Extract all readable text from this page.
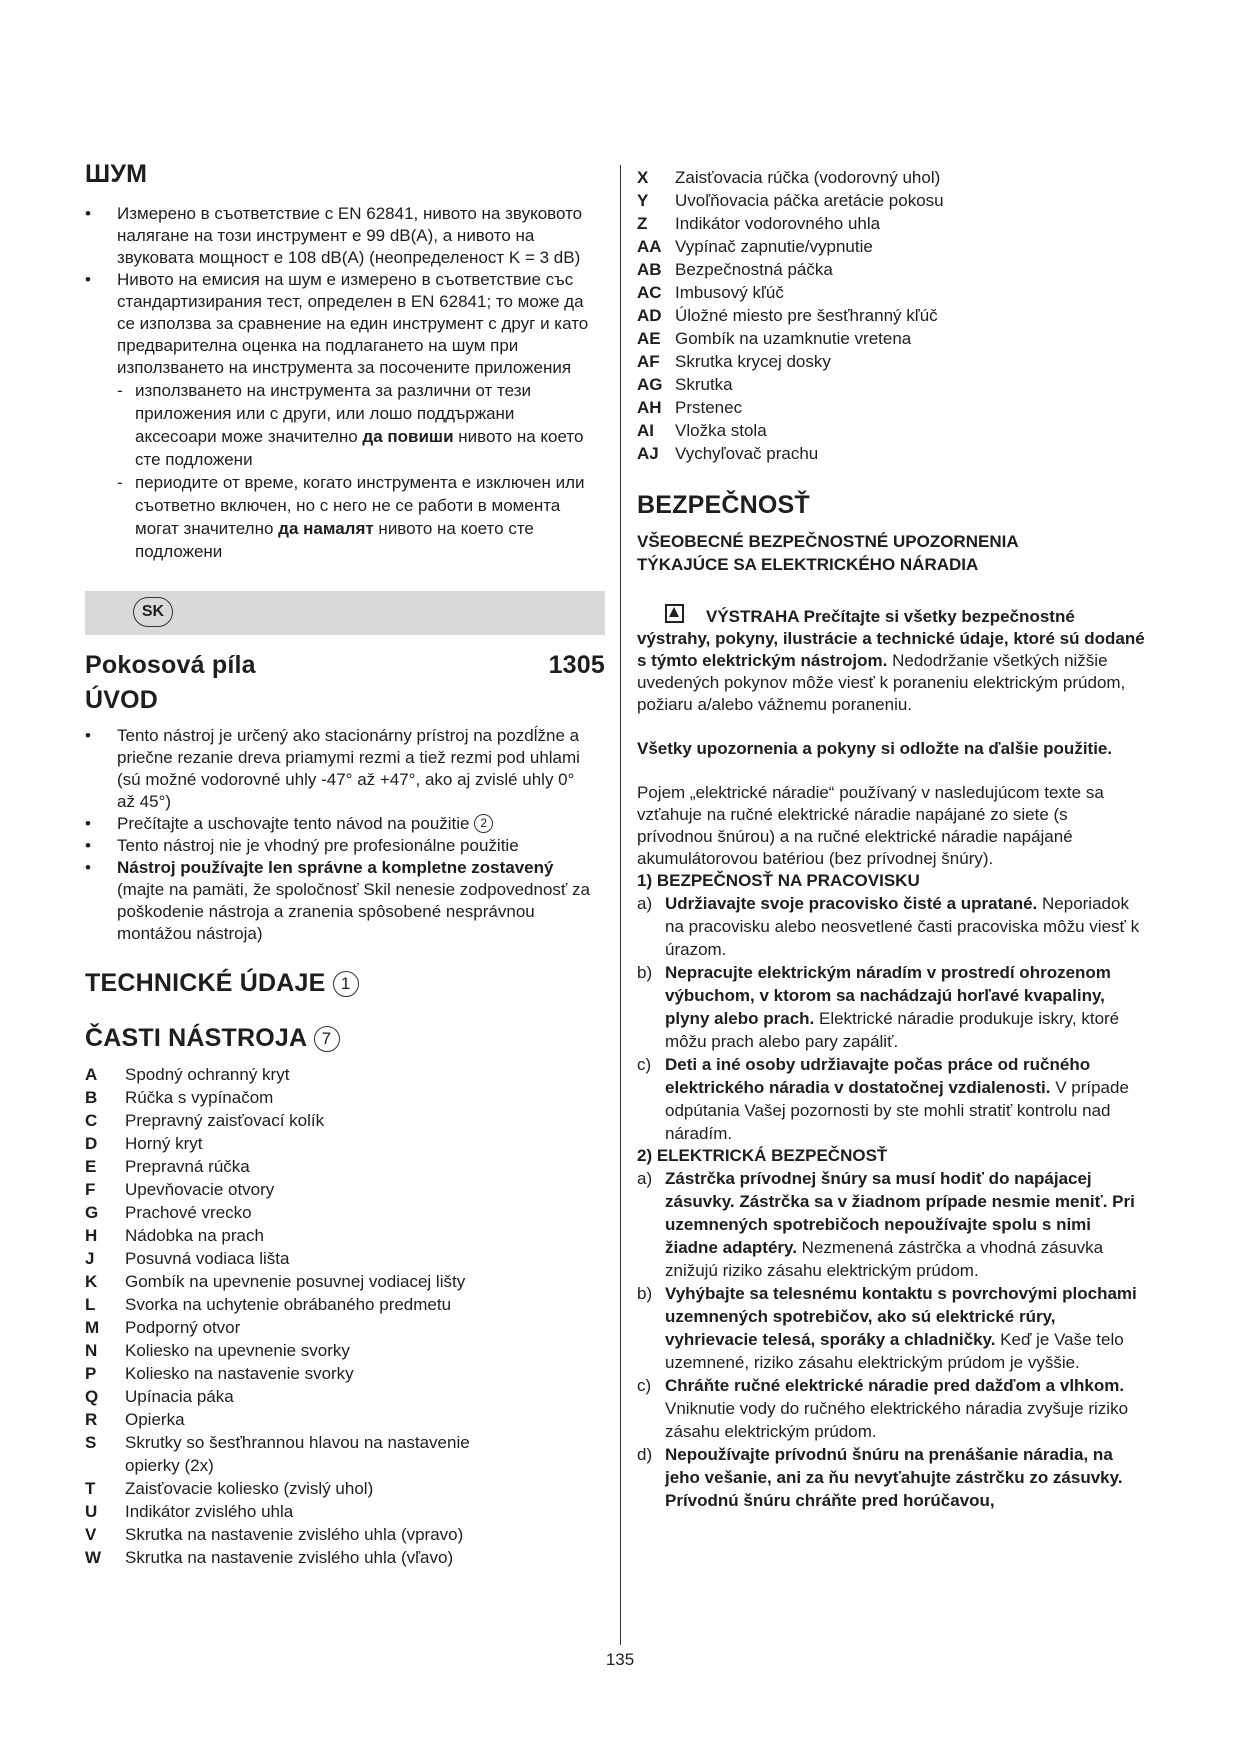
ШУМ
• Измерено в съответствие с EN 62841, нивото на звуковото налягане на този инструмент е 99 dB(A), а нивото на звуковата мощност е 108 dB(A) (неопределеност K = 3 dB)
• Нивото на емисия на шум е измерено в съответствие със стандартизирания тест, определен в EN 62841; то може да се използва за сравнение на един инструмент с друг и като предварителна оценка на подлагането на шум при използването на инструмента за посочените приложения
- използването на инструмента за различни от тези приложения или с други, или лошо поддържани аксесоари може значително да повиши нивото на което сте подложени
- периодите от време, когато инструмента е изключен или съответно включен, но с него не се работи в момента могат значително да намалят нивото на което сте подложени
SK
Pokosová píla	1305
ÚVOD
• Tento nástroj je určený ako stacionárny prístroj na pozdĺžne a priečne rezanie dreva priamymi rezmi a tiež rezmi pod uhlami (sú možné vodorovné uhly -47° až +47°, ako aj zvislé uhly 0° až 45°)
• Prečítajte a uschovajte tento návod na použitie 2
• Tento nástroj nie je vhodný pre profesionálne použitie
• Nástroj používajte len správne a kompletne zostavený (majte na pamäti, že spoločnosť Skil nenesie zodpovednosť za poškodenie nástroja a zranenia spôsobené nesprávnou montážou nástroja)
TECHNICKÉ ÚDAJE 1
ČASTI NÁSTROJA 7
A	Spodný ochranný kryt
B	Rúčka s vypínačom
C	Prepravný zaisťovací kolík
D	Horný kryt
E	Prepravná rúčka
F	Upevňovacie otvory
G	Prachové vrecko
H	Nádobka na prach
J	Posuvná vodiaca lišta
K	Gombík na upevnenie posuvnej vodiacej lišty
L	Svorka na uchytenie obrábaného predmetu
M	Podporný otvor
N	Koliesko na upevnenie svorky
P	Koliesko na nastavenie svorky
Q	Upínacia páka
R	Opierka
S	Skrutky so šesťhrannou hlavou na nastavenie opierky (2x)
T	Zaisťovacie koliesko (zvislý uhol)
U	Indikátor zvislého uhla
V	Skrutka na nastavenie zvislého uhla (vpravo)
W	Skrutka na nastavenie zvislého uhla (vľavo)
X	Zaisťovacia rúčka (vodorovný uhol)
Y	Uvoľňovacia páčka aretácie pokosu
Z	Indikátor vodorovného uhla
AA Vypínač zapnutie/vypnutie
AB Bezpečnostná páčka
AC Imbusový kľúč
AD Úložné miesto pre šesťhranný kľúč
AE Gombík na uzamknutie vretena
AF Skrutka krycej dosky
AG Skrutka
AH Prstenec
AI	Vložka stola
AJ Vychyľovač prachu
BEZPEČNOSŤ
VŠEOBECNÉ BEZPEČNOSTNÉ UPOZORNENIA TÝKAJÚCE SA ELEKTRICKÉHO NÁRADIA

VÝSTRAHA Prečítajte si všetky bezpečnostné výstrahy, pokyny, ilustrácie a technické údaje, ktoré sú dodané s týmto elektrickým nástrojom. Nedodržanie všetkých nižšie uvedených pokynov môže viesť k poraneniu elektrickým prúdom, požiaru a/alebo vážnemu poraneniu.

Všetky upozornenia a pokyny si odložte na ďalšie použitie.

Pojem „elektrické náradie“ používaný v nasledujúcom texte sa vzťahuje na ručné elektrické náradie napájané zo siete (s prívodnou šnúrou) a na ručné elektrické náradie napájané akumulátorovou batériou (bez prívodnej šnúry).

1) BEZPEČNOSŤ NA PRACOVISKU
a) Udržiavajte svoje pracovisko čisté a upratané. Neporiadok na pracovisku alebo neosvetlené časti pracoviska môžu viesť k úrazom.
b) Nepracujte elektrickým náradím v prostredí ohrozenom výbuchom, v ktorom sa nachádzajú horľavé kvapaliny, plyny alebo prach. Elektrické náradie produkuje iskry, ktoré môžu prach alebo pary zapáliť.
c) Deti a iné osoby udržiavajte počas práce od ručného elektrického náradia v dostatočnej vzdialenosti. V prípade odpútania Vašej pozornosti by ste mohli stratiť kontrolu nad náradím.
2) ELEKTRICKÁ BEZPEČNOSŤ
a) Zástrčka prívodnej šnúry sa musí hodiť do napájacej zásuvky. Zástrčka sa v žiadnom prípade nesmie meniť. Pri uzemnených spotrebičoch nepoužívajte spolu s nimi žiadne adaptéry. Nezmenená zástrčka a vhodná zásuvka znižujú riziko zásahu elektrickým prúdom.
b) Vyhýbajte sa telesnému kontaktu s povrchovými plochami uzemnených spotrebičov, ako sú elektrické rúry, vyhrievacie telesá, sporáky a chladničky. Keď je Vaše telo uzemnené, riziko zásahu elektrickým prúdom je vyššie.
c) Chráňte ručné elektrické náradie pred dažďom a vlhkom. Vniknutie vody do ručného elektrického náradia zvyšuje riziko zásahu elektrickým prúdom.
d) Nepoužívajte prívodnú šnúru na prenášanie náradia, na jeho vešanie, ani za ňu nevyťahujte zástrčku zo zásuvky. Prívodnú šnúru chráňte pred horúčavou,
135
